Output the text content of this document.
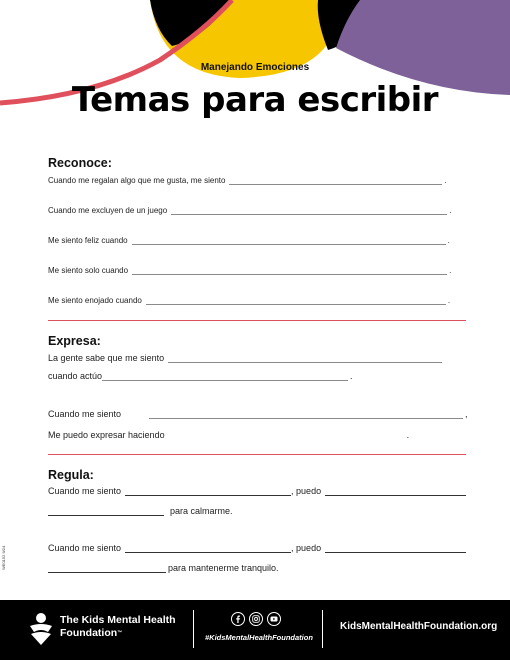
Manejando Emociones
Temas para escribir
Reconoce:
Cuando me regalan algo que me gusta, me siento	.
Cuando me excluyen de un juego	.
Me siento feliz cuando	.
Me siento solo cuando	.
Me siento enojado cuando	.
Expresa:
La gente sabe que me siento
cuando actúo	.
Cuando me siento	,
Me puedo expresar haciendo	.
Regula:
Cuando me siento	, puedo
para calmarme.
Cuando me siento	, puedo
para mantenerme tranquilo.
WE0152 9/24
The Kids Mental Health
Foundation™	#KidsMentalHealthFoundation
KidsMentalHealthFoundation.org
